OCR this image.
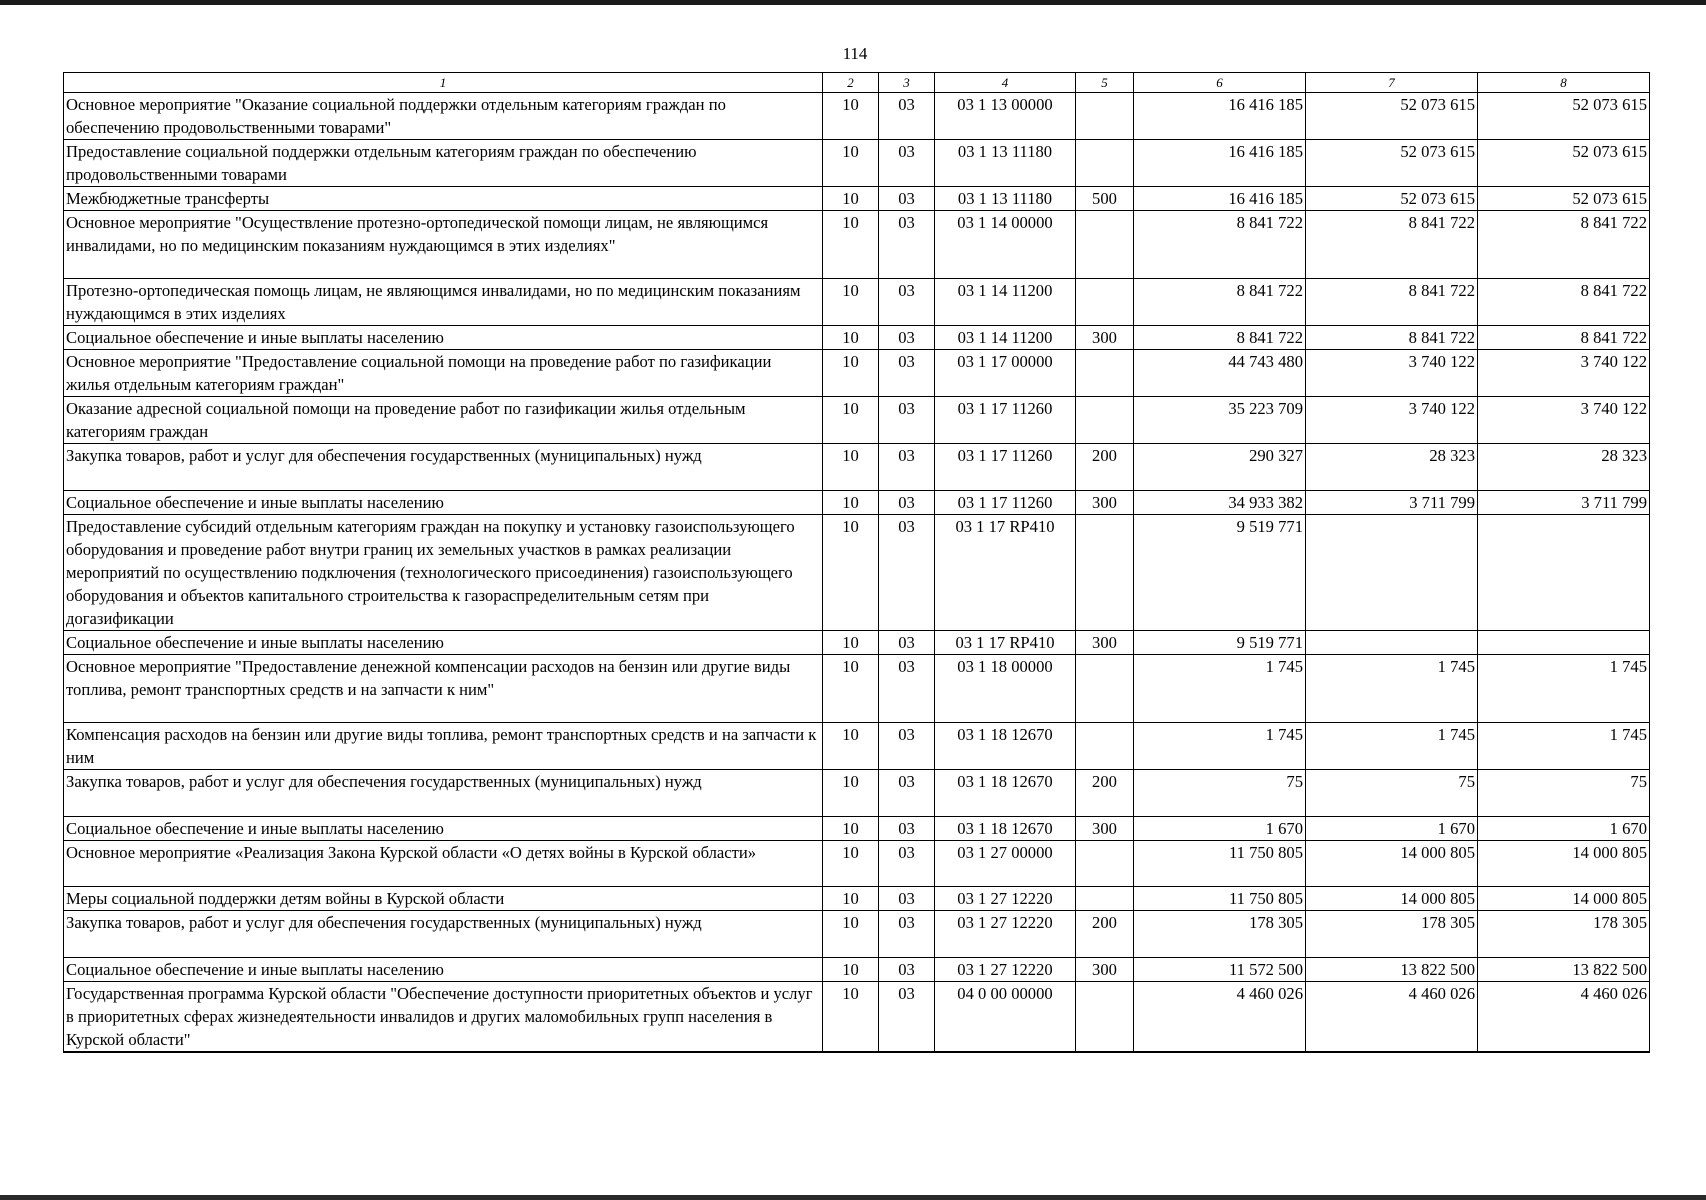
114
1	2	3	4	5	6	7	8
Основное мероприятие "Оказание социальной поддержки отдельным категориям граждан по обеспечению продовольственными товарами"	10	03	03 1 13 00000		16 416 185	52 073 615	52 073 615
Предоставление социальной поддержки отдельным категориям граждан по обеспечению продовольственными товарами	10	03	03 1 13 11180		16 416 185	52 073 615	52 073 615
Межбюджетные трансферты	10	03	03 1 13 11180	500	16 416 185	52 073 615	52 073 615
Основное мероприятие "Осуществление протезно-ортопедической помощи лицам, не являющимся инвалидами, но по медицинским показаниям нуждающимся в этих изделиях"	10	03	03 1 14 00000		8 841 722	8 841 722	8 841 722
Протезно-ортопедическая помощь лицам, не являющимся инвалидами, но по медицинским показаниям нуждающимся в этих изделиях	10	03	03 1 14 11200		8 841 722	8 841 722	8 841 722
Социальное обеспечение и иные выплаты населению	10	03	03 1 14 11200	300	8 841 722	8 841 722	8 841 722
Основное мероприятие "Предоставление социальной помощи на проведение работ по газификации жилья отдельным категориям граждан"	10	03	03 1 17 00000		44 743 480	3 740 122	3 740 122
Оказание адресной социальной помощи на проведение работ по газификации жилья отдельным категориям граждан	10	03	03 1 17 11260		35 223 709	3 740 122	3 740 122
Закупка товаров, работ и услуг для обеспечения государственных (муниципальных) нужд	10	03	03 1 17 11260	200	290 327	28 323	28 323
Социальное обеспечение и иные выплаты населению	10	03	03 1 17 11260	300	34 933 382	3 711 799	3 711 799
Предоставление субсидий отдельным категориям граждан на покупку и установку газоиспользующего оборудования и проведение работ внутри границ их земельных участков в рамках реализации мероприятий по осуществлению подключения (технологического присоединения) газоиспользующего оборудования и объектов капитального строительства к газораспределительным сетям при догазификации	10	03	03 1 17 RP410		9 519 771		
Социальное обеспечение и иные выплаты населению	10	03	03 1 17 RP410	300	9 519 771		
Основное мероприятие "Предоставление денежной компенсации расходов на бензин или другие виды топлива, ремонт транспортных средств и на запчасти к ним"	10	03	03 1 18 00000		1 745	1 745	1 745
Компенсация расходов на бензин или другие виды топлива, ремонт транспортных средств и на запчасти к ним	10	03	03 1 18 12670		1 745	1 745	1 745
Закупка товаров, работ и услуг для обеспечения государственных (муниципальных) нужд	10	03	03 1 18 12670	200	75	75	75
Социальное обеспечение и иные выплаты населению	10	03	03 1 18 12670	300	1 670	1 670	1 670
Основное мероприятие «Реализация Закона Курской области «О детях войны в Курской области»	10	03	03 1 27 00000		11 750 805	14 000 805	14 000 805
Меры социальной поддержки детям войны в Курской области	10	03	03 1 27 12220		11 750 805	14 000 805	14 000 805
Закупка товаров, работ и услуг для обеспечения государственных (муниципальных) нужд	10	03	03 1 27 12220	200	178 305	178 305	178 305
Социальное обеспечение и иные выплаты населению	10	03	03 1 27 12220	300	11 572 500	13 822 500	13 822 500
Государственная программа Курской области "Обеспечение доступности приоритетных объектов и услуг в приоритетных сферах жизнедеятельности инвалидов и других маломобильных групп населения в Курской области"	10	03	04 0 00 00000		4 460 026	4 460 026	4 460 026
